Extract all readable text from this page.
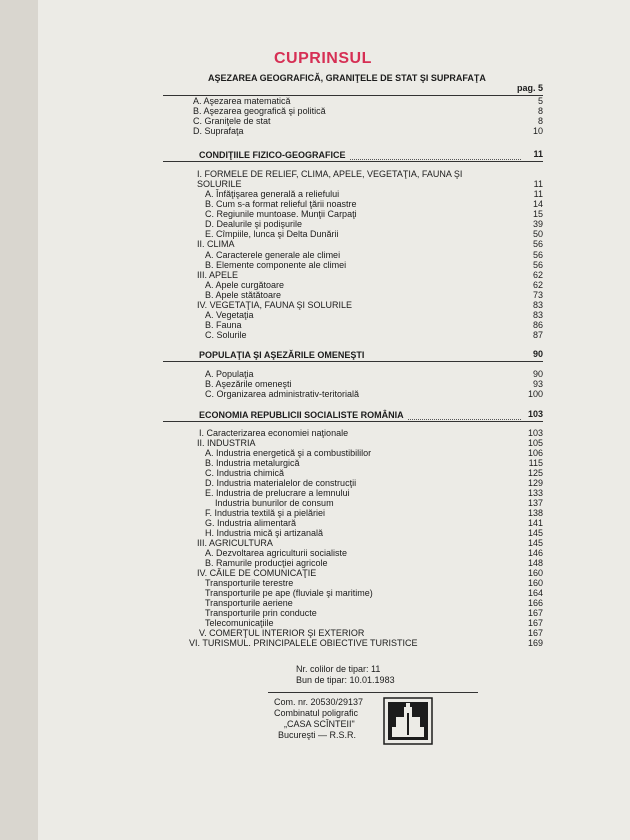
CUPRINSUL
AŞEZAREA GEOGRAFICĂ, GRANIŢELE DE STAT ŞI SUPRAFAŢA
pag. 5
A. Aşezarea matematică	5
B. Aşezarea geografică şi politică	8
C. Graniţele de stat	8
D. Suprafaţa	10
CONDIŢIILE FIZICO-GEOGRAFICE	11
I. FORMELE DE RELIEF, CLIMA, APELE, VEGETAŢIA, FAUNA ŞI
SOLURILE	11
A. Înfăţişarea generală a reliefului	11
B. Cum s-a format relieful ţării noastre	14
C. Regiunile muntoase. Munţii Carpaţi	15
D. Dealurile şi podişurile	39
E. Cîmpiile, lunca şi Delta Dunării	50
II. CLIMA	56
A. Caracterele generale ale climei	56
B. Elemente componente ale climei	56
III. APELE	62
A. Apele curgătoare	62
B. Apele stătătoare	73
IV. VEGETAŢIA, FAUNA ŞI SOLURILE	83
A. Vegetaţia	83
B. Fauna	86
C. Solurile	87
POPULAŢIA ŞI AŞEZĂRILE OMENEŞTI	90
A. Populaţia	90
B. Aşezările omeneşti	93
C. Organizarea administrativ-teritorială	100
ECONOMIA REPUBLICII SOCIALISTE ROMÂNIA	103
I. Caracterizarea economiei naţionale	103
II. INDUSTRIA	105
A. Industria energetică şi a combustibililor	106
B. Industria metalurgică	115
C. Industria chimică	125
D. Industria materialelor de construcţii	129
E. Industria de prelucrare a lemnului	133
Industria bunurilor de consum	137
F. Industria textilă şi a pielăriei	138
G. Industria alimentară	141
H. Industria mică şi artizanală	145
III. AGRICULTURA	145
A. Dezvoltarea agriculturii socialiste	146
B. Ramurile producţiei agricole	148
IV. CĂILE DE COMUNICAŢIE	160
Transporturile terestre	160
Transporturile pe ape (fluviale şi maritime)	164
Transporturile aeriene	166
Transporturile prin conducte	167
Telecomunicaţiile	167
V. COMERŢUL INTERIOR ŞI EXTERIOR	167
VI. TURISMUL. PRINCIPALELE OBIECTIVE TURISTICE	169
Nr. colilor de tipar: 11
Bun de tipar: 10.01.1983
Com. nr. 20530/29137
Combinatul poligrafic
„CASA SCÎNTEII"
Bucureşti — R.S.R.
